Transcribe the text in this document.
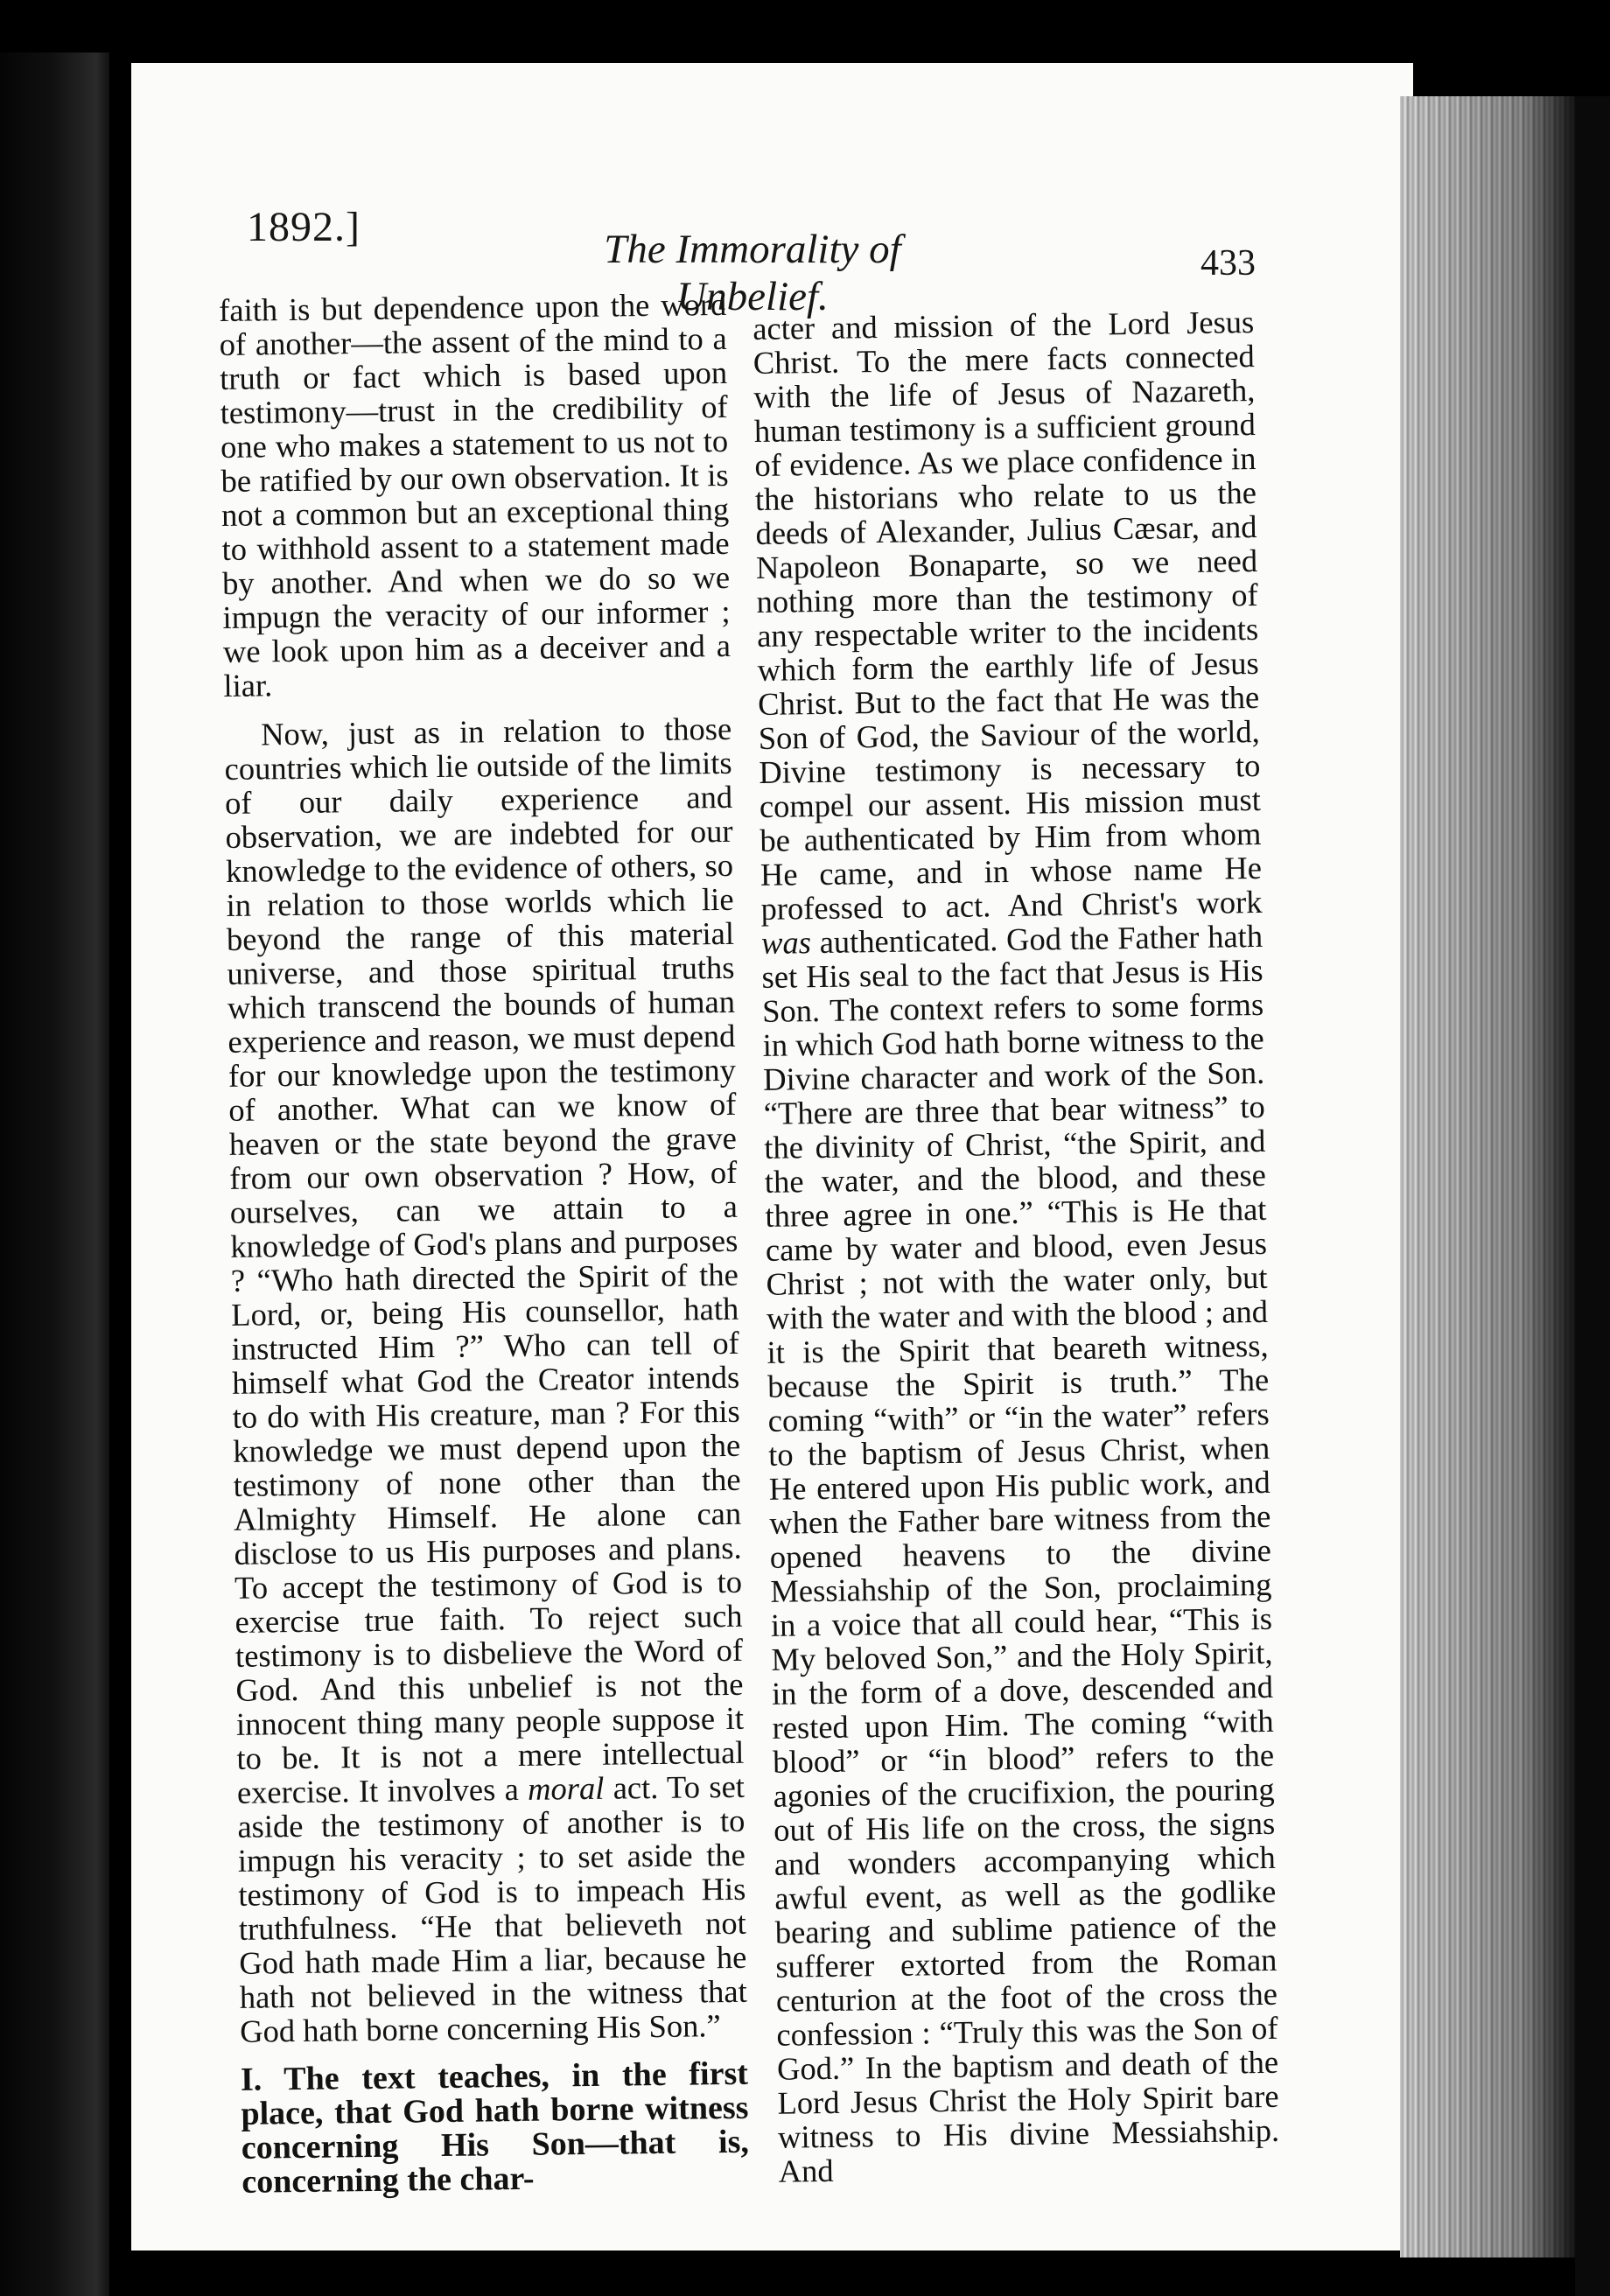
1892.]	The Immorality of Unbelief.
433

faith is but dependence upon the word of another—the assent of the mind to a truth or fact which is based upon testimony—trust in the credibility of one who makes a statement to us not to be ratified by our own observation. It is not a common but an exceptional thing to withhold assent to a statement made by another. And when we do so we impugn the veracity of our informer ; we look upon him as a deceiver and a liar.

Now, just as in relation to those countries which lie outside of the limits of our daily experience and observation, we are indebted for our knowledge to the evidence of others, so in relation to those worlds which lie beyond the range of this material universe, and those spiritual truths which transcend the bounds of human experience and reason, we must depend for our knowledge upon the testimony of another. What can we know of heaven or the state beyond the grave from our own observation ? How, of ourselves, can we attain to a knowledge of God's plans and purposes ? “Who hath directed the Spirit of the Lord, or, being His counsellor, hath instructed Him ?” Who can tell of himself what God the Creator intends to do with His creature, man ? For this knowledge we must depend upon the testimony of none other than the Almighty Himself. He alone can disclose to us His purposes and plans. To accept the testimony of God is to exercise true faith. To reject such testimony is to disbelieve the Word of God. And this unbelief is not the innocent thing many people suppose it to be. It is not a mere intellectual exercise. It involves a moral act. To set aside the testimony of another is to impugn his veracity ; to set aside the testimony of God is to impeach His truthfulness. “He that believeth not God hath made Him a liar, because he hath not believed in the witness that God hath borne concerning His Son.”

I. The text teaches, in the first place, that God hath borne witness concerning His Son—that is, concerning the char-

acter and mission of the Lord Jesus Christ. To the mere facts connected with the life of Jesus of Nazareth, human testimony is a sufficient ground of evidence. As we place confidence in the historians who relate to us the deeds of Alexander, Julius Cæsar, and Napoleon Bonaparte, so we need nothing more than the testimony of any respectable writer to the incidents which form the earthly life of Jesus Christ. But to the fact that He was the Son of God, the Saviour of the world, Divine testimony is necessary to compel our assent. His mission must be authenticated by Him from whom He came, and in whose name He professed to act. And Christ's work was authenticated. God the Father hath set His seal to the fact that Jesus is His Son. The context refers to some forms in which God hath borne witness to the Divine character and work of the Son. “There are three that bear witness” to the divinity of Christ, “the Spirit, and the water, and the blood, and these three agree in one.” “This is He that came by water and blood, even Jesus Christ ; not with the water only, but with the water and with the blood ; and it is the Spirit that beareth witness, because the Spirit is truth.” The coming “with” or “in the water” refers to the baptism of Jesus Christ, when He entered upon His public work, and when the Father bare witness from the opened heavens to the divine Messiahship of the Son, proclaiming in a voice that all could hear, “This is My beloved Son,” and the Holy Spirit, in the form of a dove, descended and rested upon Him. The coming “with blood” or “in blood” refers to the agonies of the crucifixion, the pouring out of His life on the cross, the signs and wonders accompanying which awful event, as well as the godlike bearing and sublime patience of the sufferer extorted from the Roman centurion at the foot of the cross the confession : “Truly this was the Son of God.” In the baptism and death of the Lord Jesus Christ the Holy Spirit bare witness to His divine Messiahship. And
